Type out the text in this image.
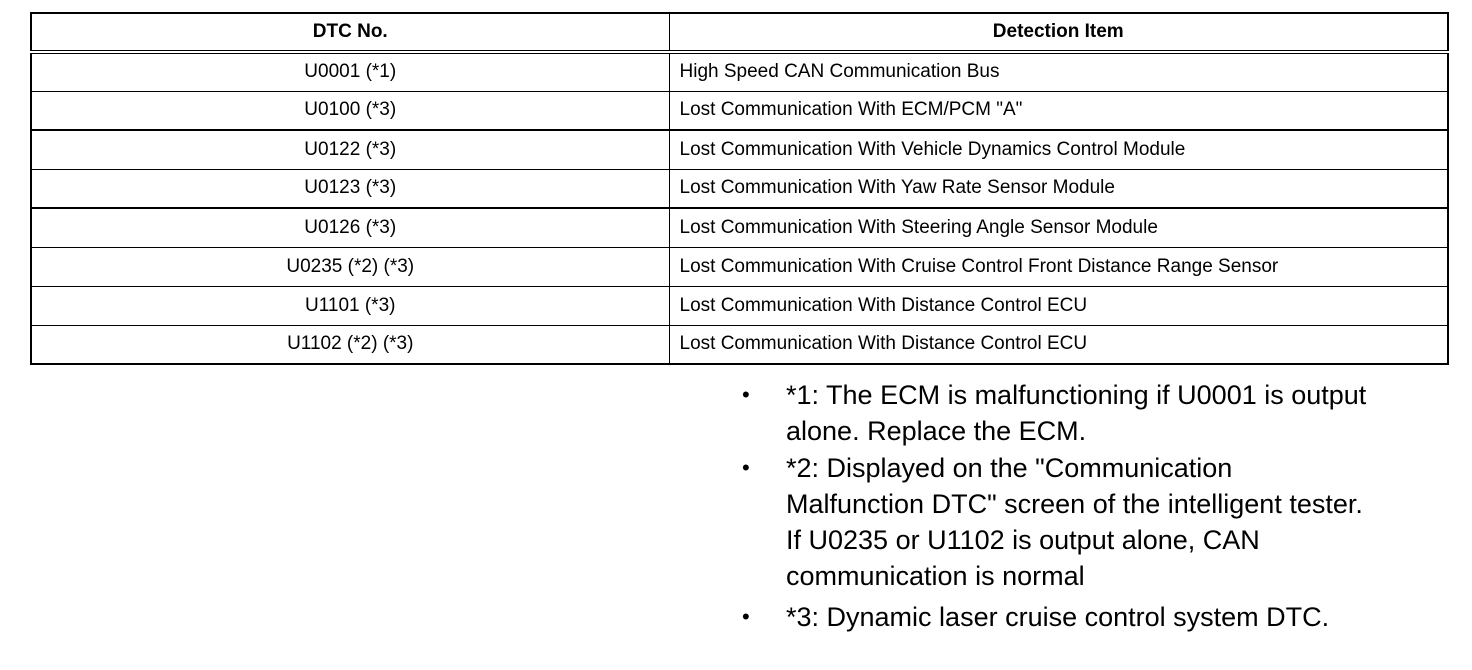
DTC No.	Detection Item
U0001 (*1)	High Speed CAN Communication Bus
U0100 (*3)	Lost Communication With ECM/PCM "A"
U0122 (*3)	Lost Communication With Vehicle Dynamics Control Module
U0123 (*3)	Lost Communication With Yaw Rate Sensor Module
U0126 (*3)	Lost Communication With Steering Angle Sensor Module
U0235 (*2) (*3)	Lost Communication With Cruise Control Front Distance Range Sensor
U1101 (*3)	Lost Communication With Distance Control ECU
U1102 (*2) (*3)	Lost Communication With Distance Control ECU
• *1: The ECM is malfunctioning if U0001 is output
alone. Replace the ECM.
• *2: Displayed on the "Communication
Malfunction DTC" screen of the intelligent tester.
If U0235 or U1102 is output alone, CAN
communication is normal
• *3: Dynamic laser cruise control system DTC.
